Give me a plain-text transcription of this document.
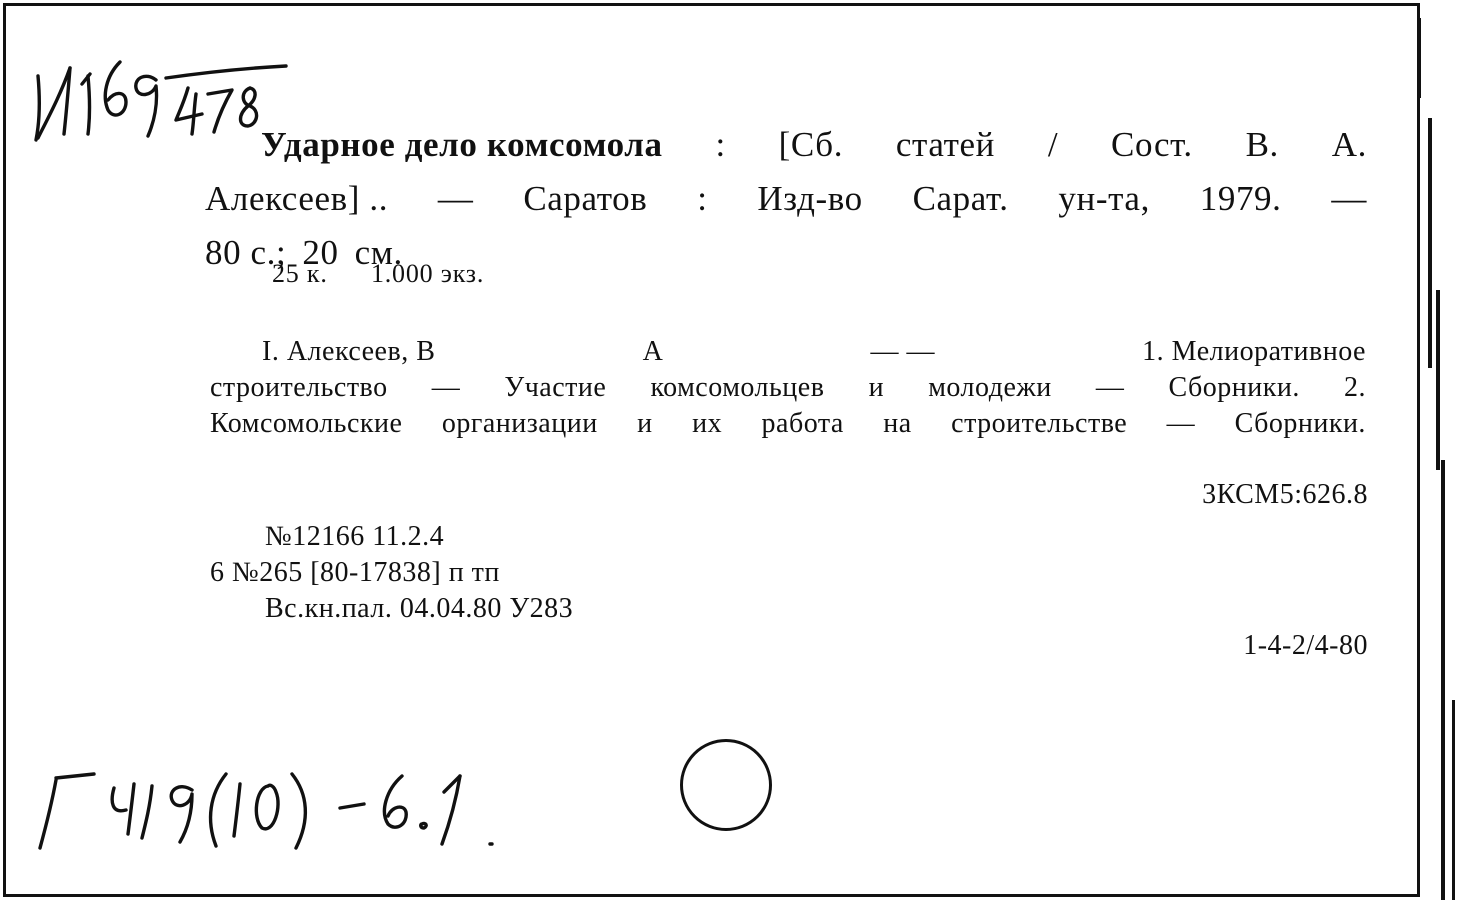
Ударное дело комсомола : [Сб. статей / Сост. В. А.
Алексеев] .. — Саратов : Изд-во Сарат. ун-та, 1979. —
80 с.; 20 см.
25 к. 1.000 экз.
I. Алексеев, В	А	— —	1. Мелиоративное
строительство — Участие комсомольцев и молодежи — Сборники. 2.
Комсомольские организации и их работа на строительстве — Сборники.
3КСМ5:626.8
№12166 11.2.4
6 №265 [80-17838] п тп
Вс.кн.пал. 04.04.80 У283
1-4-2/4-80
